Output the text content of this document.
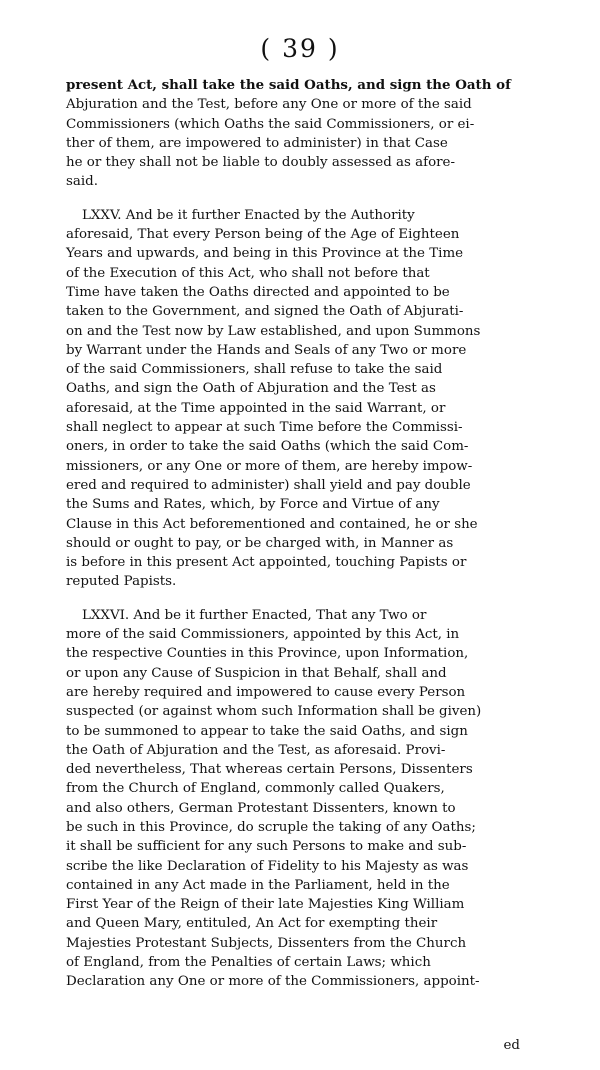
( 39 )
present Act, shall take the said Oaths, and sign the Oath of
Abjuration and the Test, before any One or more of the said
Commissioners (which Oaths the said Commissioners, or ei-
ther of them, are impowered to administer) in that Case
he or they shall not be liable to doubly assessed as afore-
said.
LXXV. And be it further Enacted by the Authority
aforesaid, That every Person being of the Age of Eighteen
Years and upwards, and being in this Province at the Time
of the Execution of this Act, who shall not before that
Time have taken the Oaths directed and appointed to be
taken to the Government, and signed the Oath of Abjurati-
on and the Test now by Law established, and upon Summons
by Warrant under the Hands and Seals of any Two or more
of the said Commissioners, shall refuse to take the said
Oaths, and sign the Oath of Abjuration and the Test as
aforesaid, at the Time appointed in the said Warrant, or
shall neglect to appear at such Time before the Commissi-
oners, in order to take the said Oaths (which the said Com-
missioners, or any One or more of them, are hereby impow-
ered and required to administer) shall yield and pay double
the Sums and Rates, which, by Force and Virtue of any
Clause in this Act beforementioned and contained, he or she
should or ought to pay, or be charged with, in Manner as
is before in this present Act appointed, touching Papists or
reputed Papists.
LXXVI. And be it further Enacted, That any Two or
more of the said Commissioners, appointed by this Act, in
the respective Counties in this Province, upon Information,
or upon any Cause of Suspicion in that Behalf, shall and
are hereby required and impowered to cause every Person
suspected (or against whom such Information shall be given)
to be summoned to appear to take the said Oaths, and sign
the Oath of Abjuration and the Test, as aforesaid. Provi-
ded nevertheless, That whereas certain Persons, Dissenters
from the Church of England, commonly called Quakers,
and also others, German Protestant Dissenters, known to
be such in this Province, do scruple the taking of any Oaths;
it shall be sufficient for any such Persons to make and sub-
scribe the like Declaration of Fidelity to his Majesty as was
contained in any Act made in the Parliament, held in the
First Year of the Reign of their late Majesties King William
and Queen Mary, entituled, An Act for exempting their
Majesties Protestant Subjects, Dissenters from the Church
of England, from the Penalties of certain Laws; which
Declaration any One or more of the Commissioners, appoint-
ed
